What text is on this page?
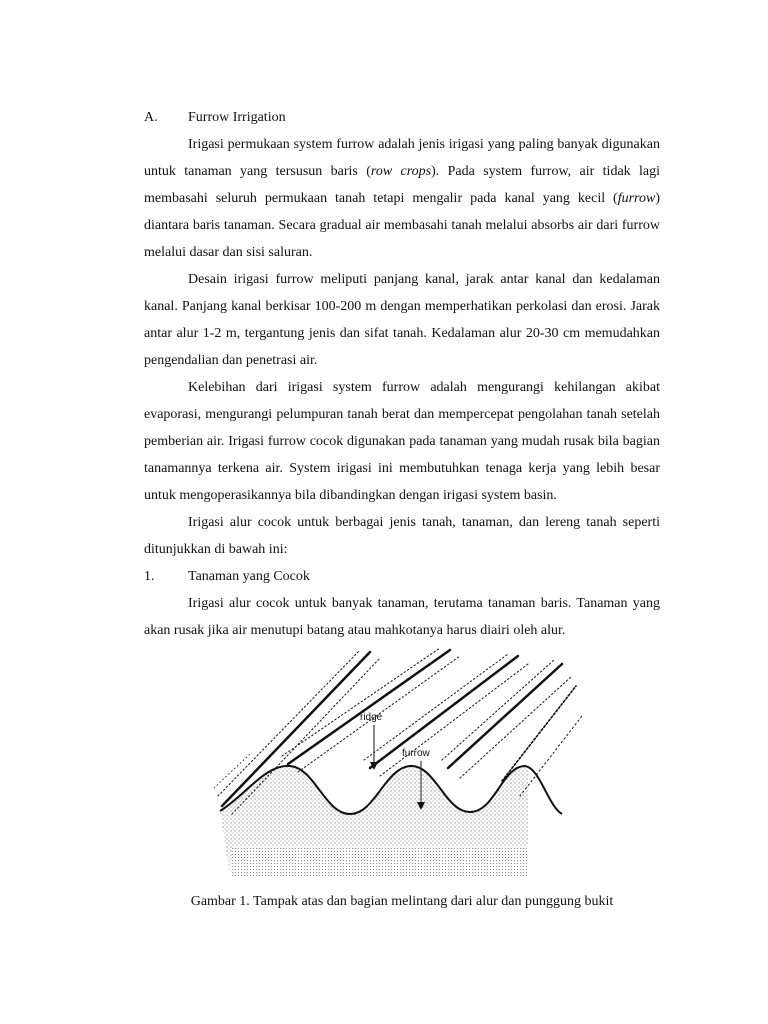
A. Furrow Irrigation

Irigasi permukaan system furrow adalah jenis irigasi yang paling banyak digunakan untuk tanaman yang tersusun baris (row crops). Pada system furrow, air tidak lagi membasahi seluruh permukaan tanah tetapi mengalir pada kanal yang kecil (furrow) diantara baris tanaman. Secara gradual air membasahi tanah melalui absorbs air dari furrow melalui dasar dan sisi saluran.

Desain irigasi furrow meliputi panjang kanal, jarak antar kanal dan kedalaman kanal. Panjang kanal berkisar 100-200 m dengan memperhatikan perkolasi dan erosi. Jarak antar alur 1-2 m, tergantung jenis dan sifat tanah. Kedalaman alur 20-30 cm memudahkan pengendalian dan penetrasi air.

Kelebihan dari irigasi system furrow adalah mengurangi kehilangan akibat evaporasi, mengurangi pelumpuran tanah berat dan mempercepat pengolahan tanah setelah pemberian air. Irigasi furrow cocok digunakan pada tanaman yang mudah rusak bila bagian tanamannya terkena air. System irigasi ini membutuhkan tenaga kerja yang lebih besar untuk mengoperasikannya bila dibandingkan dengan irigasi system basin.

Irigasi alur cocok untuk berbagai jenis tanah, tanaman, dan lereng tanah seperti ditunjukkan di bawah ini:

1. Tanaman yang Cocok

Irigasi alur cocok untuk banyak tanaman, terutama tanaman baris. Tanaman yang akan rusak jika air menutupi batang atau mahkotanya harus diairi oleh alur.

ridge
furrow
Gambar 1. Tampak atas dan bagian melintang dari alur dan punggung bukit
